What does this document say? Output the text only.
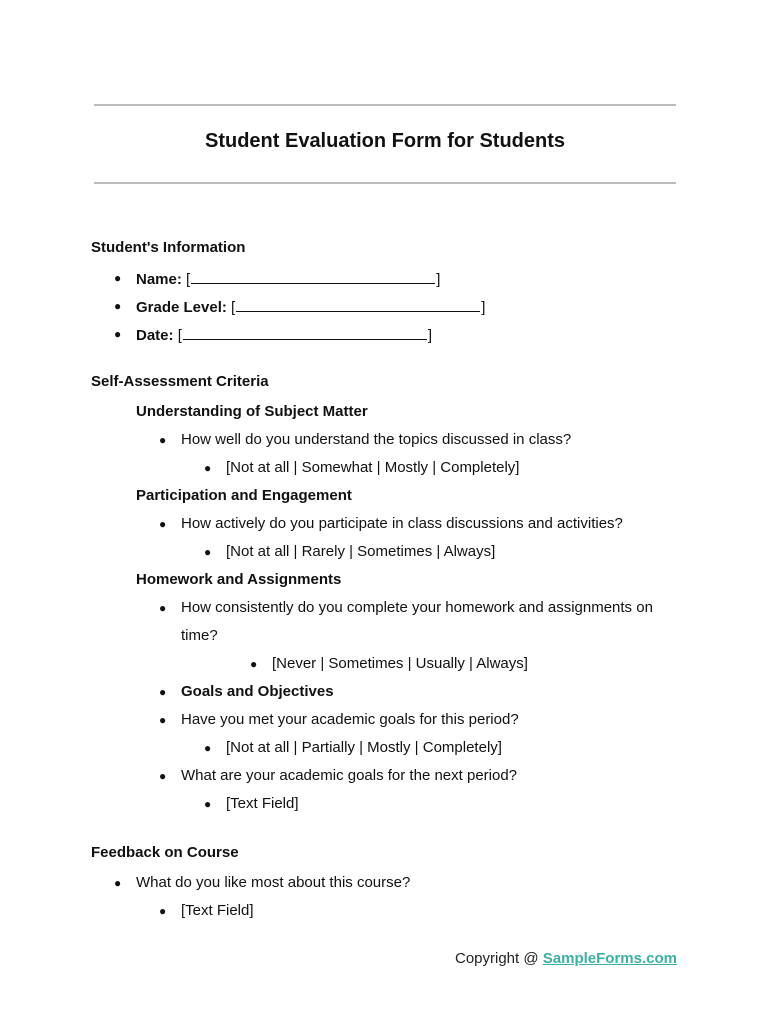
Student Evaluation Form for Students
Student's Information
● Name: [	]
● Grade Level: [	]
● Date: [	]
Self-Assessment Criteria
Understanding of Subject Matter
● How well do you understand the topics discussed in class?
● [Not at all | Somewhat | Mostly | Completely]
Participation and Engagement
● How actively do you participate in class discussions and activities?
● [Not at all | Rarely | Sometimes | Always]
Homework and Assignments
● How consistently do you complete your homework and assignments on
time?
● [Never | Sometimes | Usually | Always]
● Goals and Objectives
● Have you met your academic goals for this period?
● [Not at all | Partially | Mostly | Completely]
● What are your academic goals for the next period?
● [Text Field]
Feedback on Course
● What do you like most about this course?
● [Text Field]
Copyright @ SampleForms.com
